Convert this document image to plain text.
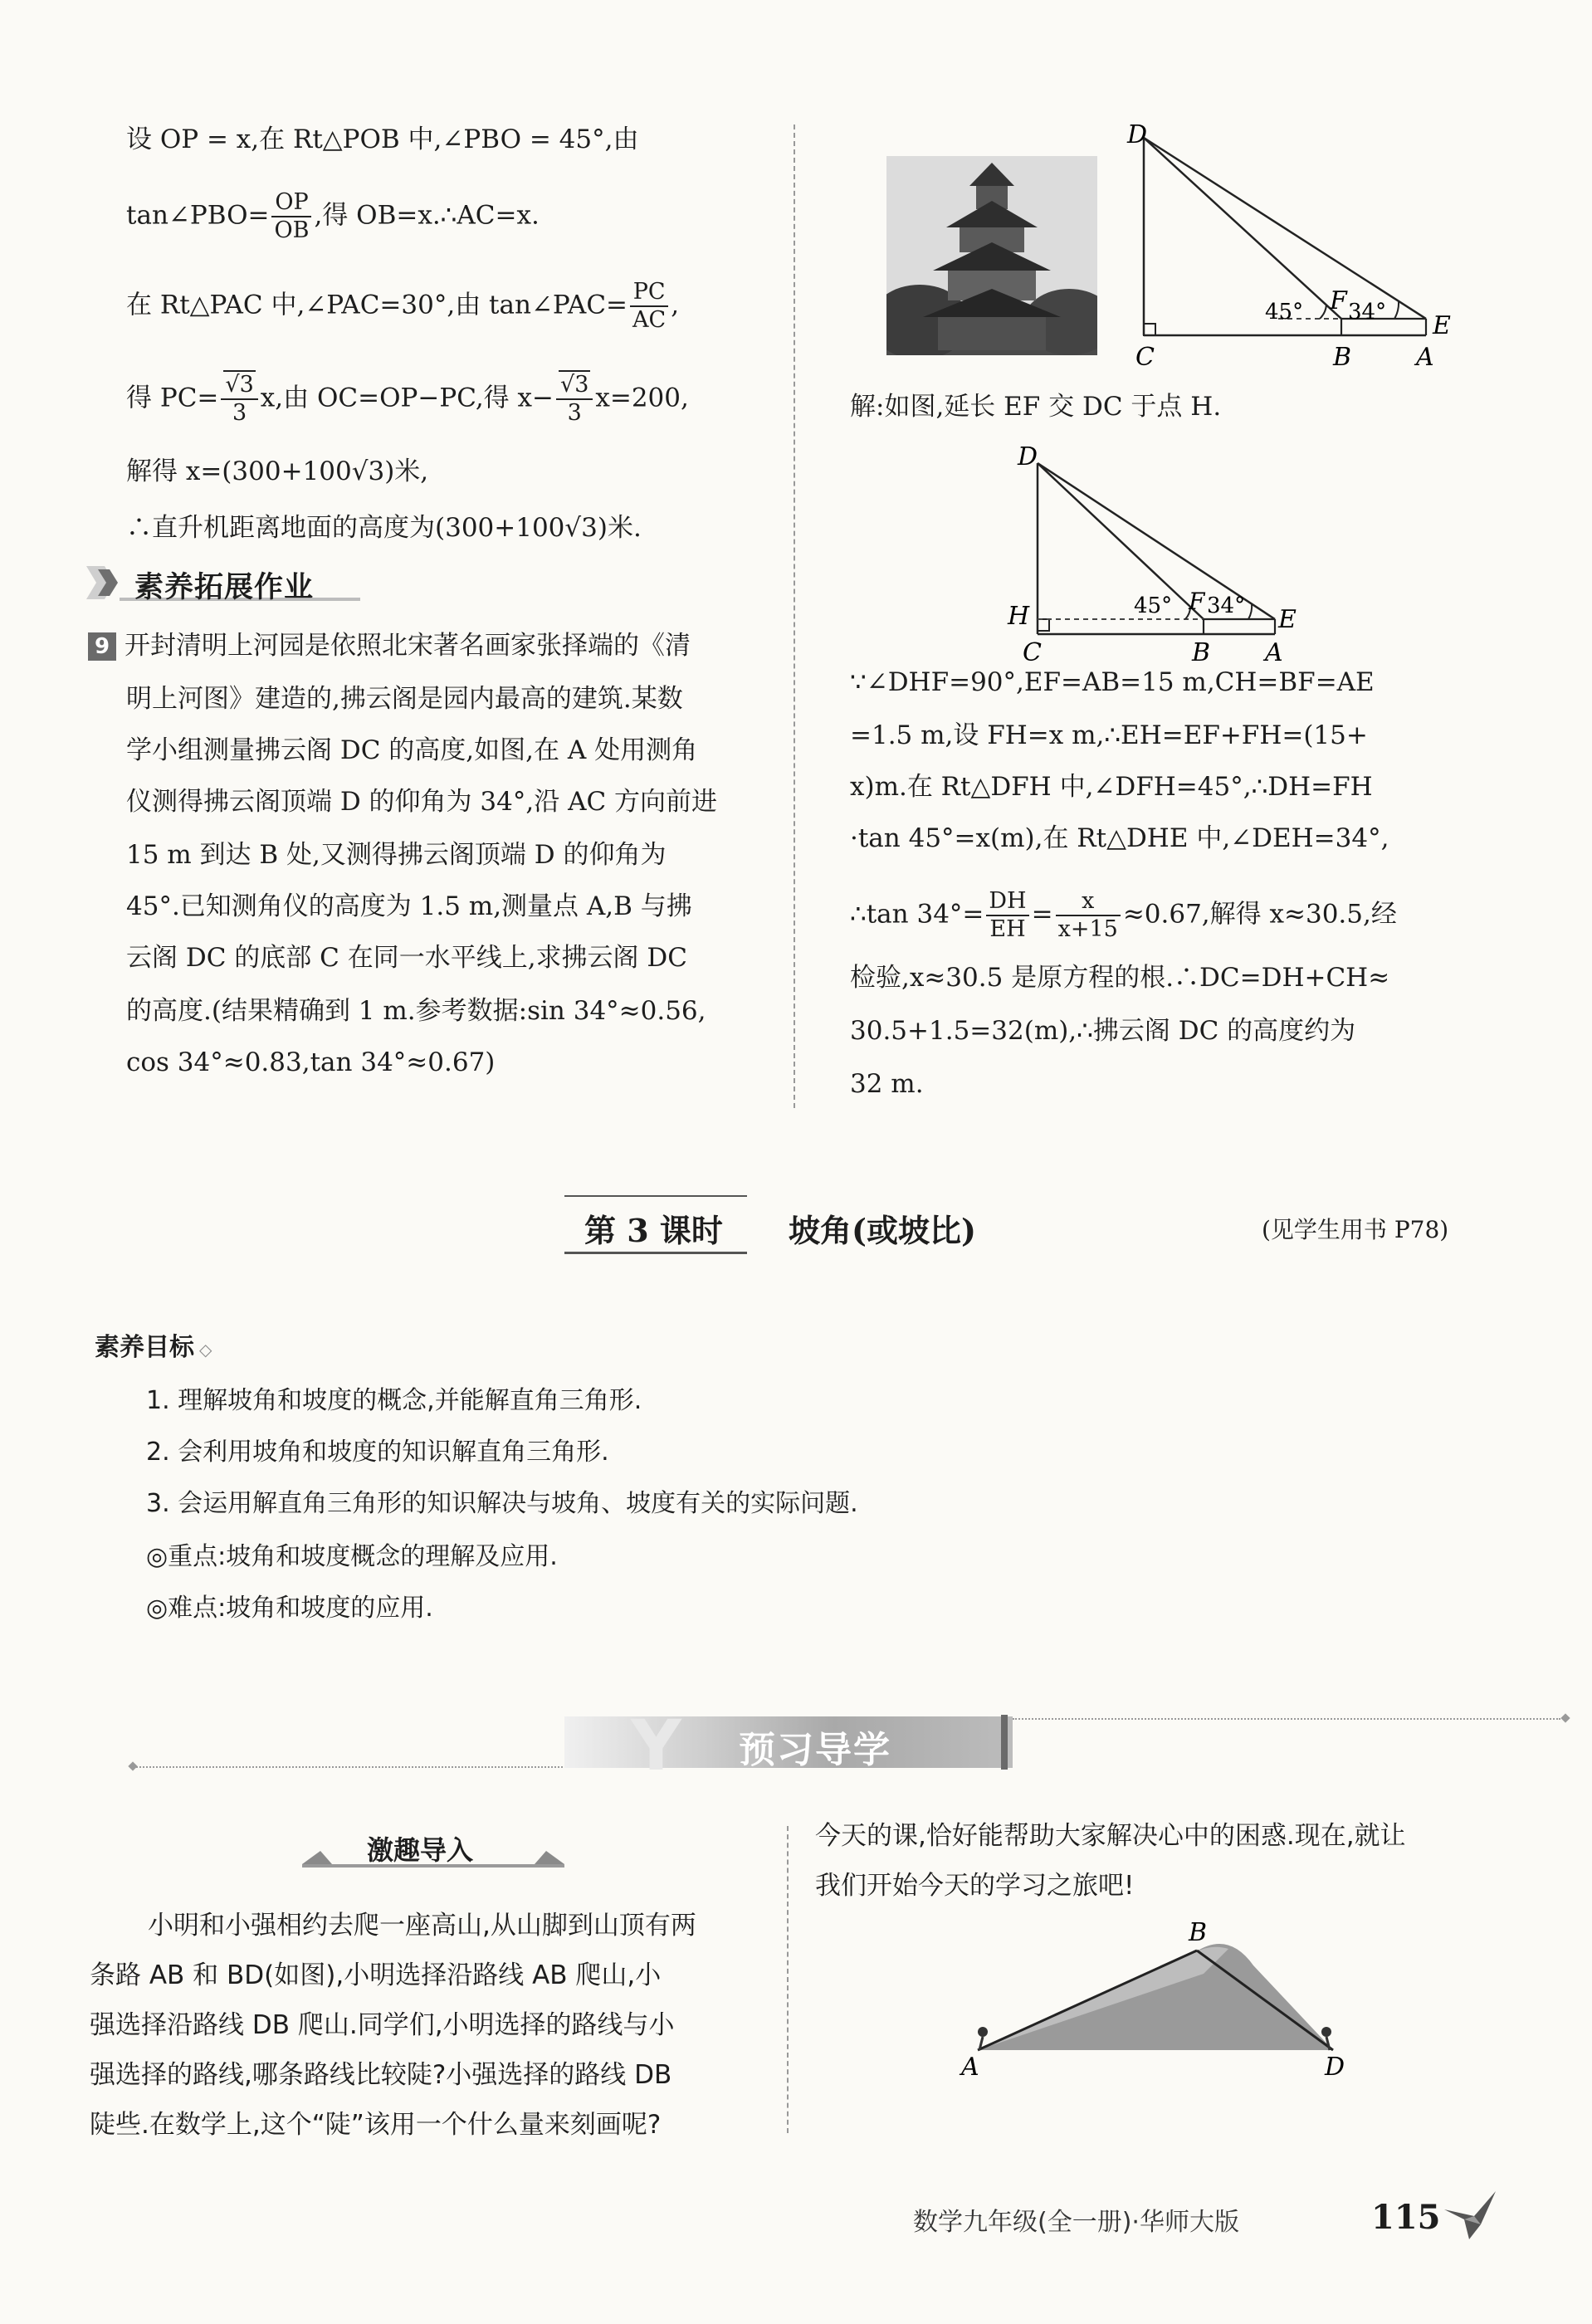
设 OP = x,在 Rt△POB 中,∠PBO = 45°,由
tan∠PBO= $\frac{OP}{OB}$ ,得 OB=x.∴AC=x.
在 Rt△PAC 中,∠PAC=30°,由 tan∠PAC= $\frac{PC}{AC}$ ,
得 $PC= \frac{√3}{3} x$,由 OC=OP−PC,得 $x- \frac{√3}{3} x=200$,
解得 x=(300+100√3)米,
∴直升机距离地面的高度为(300+100√3)米.
素养拓展作业
9 开封清明上河园是依照北宋著名画家张择端的《清
明上河图》建造的,拂云阁是园内最高的建筑.某数
学小组测量拂云阁 DC 的高度,如图,在 A 处用测角
仪测得拂云阁顶端 D 的仰角为 34°,沿 AC 方向前进
15 m 到达 B 处,又测得拂云阁顶端 D 的仰角为
45°.已知测角仪的高度为 1.5 m,测量点 A,B 与拂
云阁 DC 的底部 C 在同一水平线上,求拂云阁 DC
的高度.(结果精确到 1 m.参考数据:sin 34°≈0.56,
cos 34°≈0.83,tan 34°≈0.67)
D
C	B	A
E
F
45° 34°
解:如图,延长 EF 交 DC 于点 H.
D
H
C	B A
E
F
45° 34°
∵∠DHF=90°,EF=AB=15 m,CH=BF=AE
=1.5 m,设 FH=x m,∴EH=EF+FH=(15+
x)m.在 Rt△DFH 中,∠DFH=45°,∴DH=FH
·tan 45°=x(m),在 Rt△DHE 中,∠DEH=34°,
∴tan $34^\circ= \frac{DH}{EH} = \frac{x}{x+15} \approx 0.67$,解得 x≈30.5,经
检验,x≈30.5 是原方程的根.∴DC=DH+CH≈
30.5+1.5=32(m),∴拂云阁 DC 的高度约为
32 m.
第 3 课时 坡角(或坡比)	(见学生用书 P78)
素养目标 ◇
1. 理解坡角和坡度的概念,并能解直角三角形.
2. 会利用坡角和坡度的知识解直角三角形.
3. 会运用解直角三角形的知识解决与坡角、坡度有关的实际问题.
◎重点:坡角和坡度概念的理解及应用.
◎难点:坡角和坡度的应用.
Y 预习导学
激趣导入
小明和小强相约去爬一座高山,从山脚到山顶有两
条路 AB 和 BD(如图),小明选择沿路线 AB 爬山,小
强选择沿路线 DB 爬山.同学们,小明选择的路线与小
强选择的路线,哪条路线比较陡?小强选择的路线 DB
陡些.在数学上,这个“陡”该用一个什么量来刻画呢?
今天的课,恰好能帮助大家解决心中的困惑.现在,就让
我们开始今天的学习之旅吧!
A
B
D
数学九年级(全一册)·华师大版	115
